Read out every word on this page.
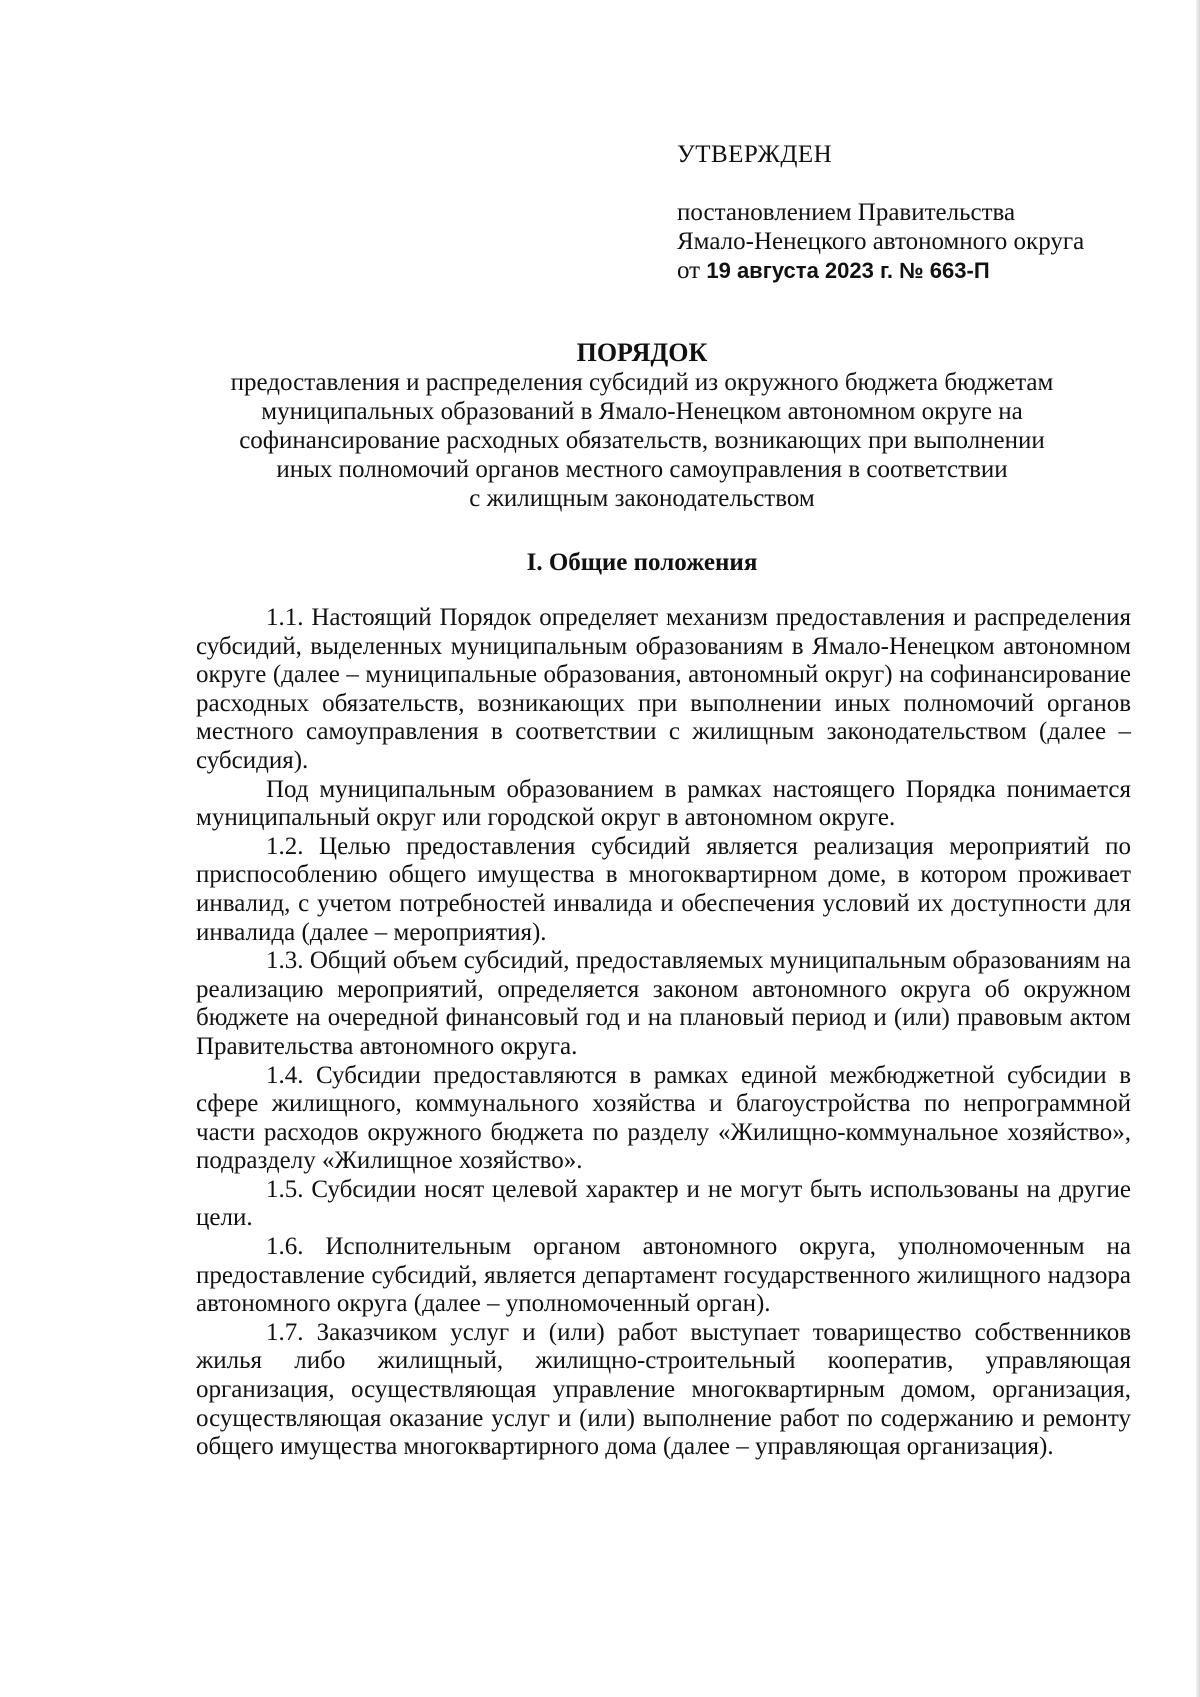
УТВЕРЖДЕН
постановлением Правительства
Ямало-Ненецкого автономного округа
от 19 августа 2023 г. № 663-П
ПОРЯДОК
предоставления и распределения субсидий из окружного бюджета бюджетам
муниципальных образований в Ямало-Ненецком автономном округе на
софинансирование расходных обязательств, возникающих при выполнении
иных полномочий органов местного самоуправления в соответствии
с жилищным законодательством
I. Общие положения

1.1. Настоящий Порядок определяет механизм предоставления и распределения субсидий, выделенных муниципальным образованиям в Ямало-Ненецком автономном округе (далее – муниципальные образования, автономный округ) на софинансирование расходных обязательств, возникающих при выполнении иных полномочий органов местного самоуправления в соответствии с жилищным законодательством (далее – субсидия).

Под муниципальным образованием в рамках настоящего Порядка понимается муниципальный округ или городской округ в автономном округе.

1.2. Целью предоставления субсидий является реализация мероприятий по приспособлению общего имущества в многоквартирном доме, в котором проживает инвалид, с учетом потребностей инвалида и обеспечения условий их доступности для инвалида (далее – мероприятия).

1.3. Общий объем субсидий, предоставляемых муниципальным образованиям на реализацию мероприятий, определяется законом автономного округа об окружном бюджете на очередной финансовый год и на плановый период и (или) правовым актом Правительства автономного округа.

1.4. Субсидии предоставляются в рамках единой межбюджетной субсидии в сфере жилищного, коммунального хозяйства и благоустройства по непрограммной части расходов окружного бюджета по разделу «Жилищно-коммунальное хозяйство», подразделу «Жилищное хозяйство».

1.5. Субсидии носят целевой характер и не могут быть использованы на другие цели.

1.6. Исполнительным органом автономного округа, уполномоченным на предоставление субсидий, является департамент государственного жилищного надзора автономного округа (далее – уполномоченный орган).

1.7. Заказчиком услуг и (или) работ выступает товарищество собственников жилья либо жилищный, жилищно-строительный кооператив, управляющая организация, осуществляющая управление многоквартирным домом, организация, осуществляющая оказание услуг и (или) выполнение работ по содержанию и ремонту общего имущества многоквартирного дома (далее – управляющая организация).
